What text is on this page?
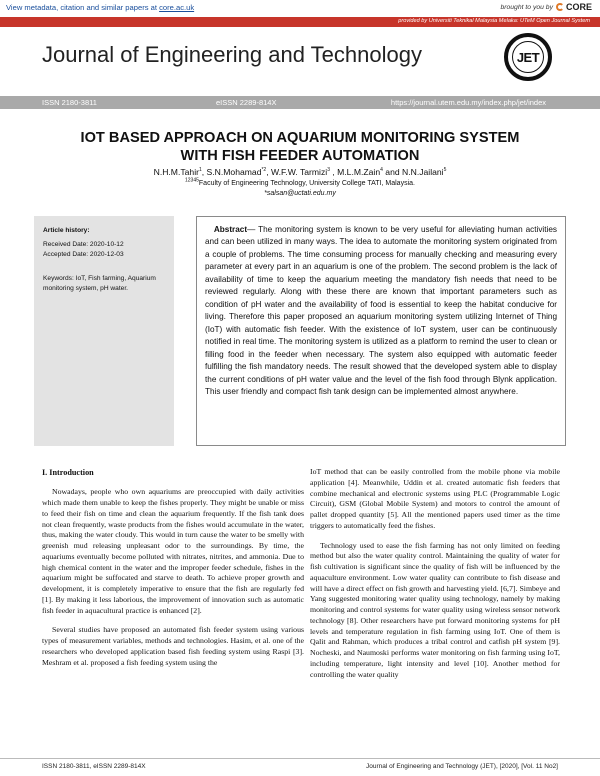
View metadata, citation and similar papers at core.ac.uk	brought to you by CORE
provided by Universiti Teknikal Malaysia Melaka: UTeM Open Journal System
Journal of Engineering and Technology	JET
ISSN 2180-3811	eISSN 2289-814X	https://journal.utem.edu.my/index.php/jet/index
IOT BASED APPROACH ON AQUARIUM MONITORING SYSTEM
WITH FISH FEEDER AUTOMATION
N.H.M.Tahir$^1$, S.N.Mohamad$^{*2}$, W.F.W. Tarmizi$^3$ , M.L.M.Zain$^4$ and N.N.Jailani$^5$
$^{12345}$Faculty of Engineering Technology, University College TATI, Malaysia.
*salsan@uctati.edu.my
Article history:
Received Date: 2020-10-12
Accepted Date: 2020-12-03
Keywords: IoT, Fish farming, Aquarium monitoring system, pH water.
Abstract— The monitoring system is known to be very useful for alleviating human activities and can been utilized in many ways. The idea to automate the monitoring system originated from a couple of problems. The time consuming process for manually checking and measuring every parameter at every part in an aquarium is one of the problem. The second problem is the lack of availability of time to keep the aquarium meeting the mandatory fish needs that need to be reviewed regularly. Along with these there are known that important parameters such as condition of pH water and the availability of food is essential to keep the habitat conducive for living. Therefore this paper proposed an aquarium monitoring system utilizing Internet of Thing (IoT) with automatic fish feeder. With the existence of IoT system, user can be continuously notified in real time. The monitoring system is utilized as a platform to remind the user to clean or filling food in the feeder when necessary. The system also equipped with automatic feeder fulfilling the fish mandatory needs. The result showed that the developed system able to display the current conditions of pH water value and the level of the fish food through Blynk application. This user friendly and compact fish tank design can be implemented almost anywhere.
I. Introduction

Nowadays, people who own aquariums are preoccupied with daily activities which made them unable to keep the fishes properly. They might be unable or miss to feed their fish on time and clean the aquarium frequently. If the fish tank does not clean frequently, waste products from the fishes would accumulate in the water, thus, making the water cloudy. This would in turn cause the water to be smelly with greenish mud releasing unpleasant odor to the surroundings. By time, the aquariums eventually become polluted with nitrates, nitrites, and ammonia. Due to high chemical content in the water and the improper feeder schedule, fishes in the aquarium might be suffocated and starve to death. To achieve proper growth and development, it is completely imperative to ensure that the fish are regularly fed [1]. By making it less laborious, the improvement of innovation such as automatic fish feeder in aquacultural practice is enhanced [2].

Several studies have proposed an automated fish feeder system using various types of measurement variables, methods and technologies. Hasim, et al. one of the researchers who developed application based fish feeding system using Raspi [3]. Meshram et al. proposed a fish feeding system using the

IoT method that can be easily controlled from the mobile phone via mobile application [4]. Meanwhile, Uddin et al. created automatic fish feeders that combine mechanical and electronic systems using PLC (Programmable Logic Circuit), GSM (Global Mobile System) and motors to control the amount of pallet dropped quantity [5]. All the mentioned papers used timer as the time triggers to automatically feed the fishes.

Technology used to ease the fish farming has not only limited on feeding method but also the water quality control. Maintaining the quality of water for fish cultivation is significant since the quality of fish will be influenced by the aquaculture environment. Low water quality can contribute to fish disease and will have a direct effect on fish growth and harvesting yield. [6,7]. Simbeye and Yang suggested monitoring water quality using technology, namely by making monitoring and control systems for water quality using wireless sensor network technology [8]. Other researchers have put forward monitoring systems for pH levels and temperature regulation in fish farming using IoT. One of them is Qalit and Rahman, which produces a tribal control and catfish pH system [9]. Nocheski, and Naumoski performs water monitoring on fish farming using IoT, including temperature, light intensity and level [10]. Another method for controlling the water quality

ISSN 2180-3811, eISSN 2289-814X	Journal of Engineering and Technology (JET), [2020], [Vol. 11 No2]
